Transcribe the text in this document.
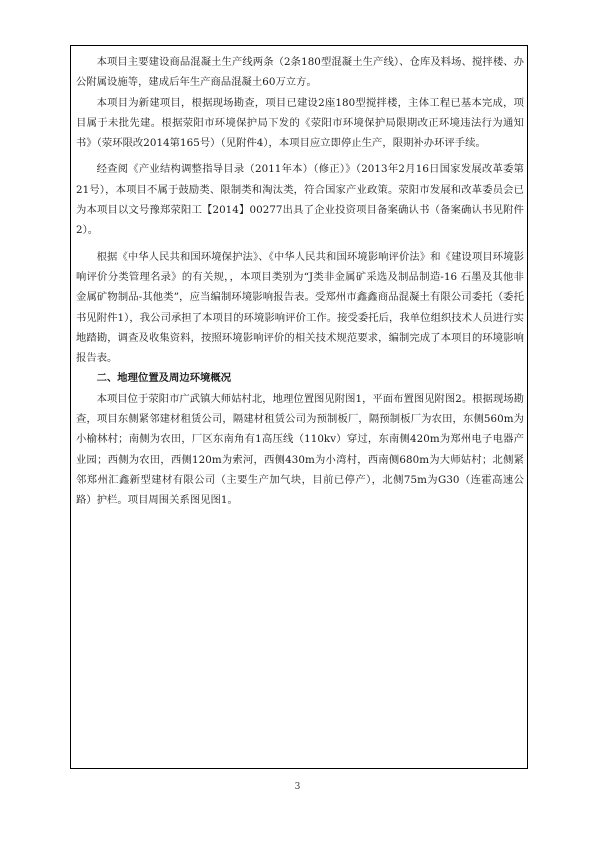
本项目主要建设商品混凝土生产线两条（2条180型混凝土生产线）、仓库及料场、搅拌楼、办公附属设施等，建成后年生产商品混凝土60万立方。

本项目为新建项目，根据现场勘查，项目已建设2座180型搅拌楼，主体工程已基本完成，项目属于未批先建。根据荥阳市环境保护局下发的《荥阳市环境保护局限期改正环境违法行为通知书》（荥环限改2014第165号）（见附件4），本项目应立即停止生产，限期补办环评手续。

经查阅《产业结构调整指导目录（2011年本）（修正）》（2013年2月16日国家发展改革委第21号），本项目不属于鼓励类、限制类和淘汰类，符合国家产业政策。荥阳市发展和改革委员会已为本项目以文号豫郑荥阳工【2014】00277出具了企业投资项目备案确认书（备案确认书见附件2）。

根据《中华人民共和国环境保护法》、《中华人民共和国环境影响评价法》和《建设项目环境影响评价分类管理名录》的有关规，，本项目类别为“J类非金属矿采选及制品制造-16 石墨及其他非金属矿物制品-其他类”，应当编制环境影响报告表。受郑州市鑫鑫商品混凝土有限公司委托（委托书见附件1），我公司承担了本项目的环境影响评价工作。接受委托后，我单位组织技术人员进行实地踏勘，调查及收集资料，按照环境影响评价的相关技术规范要求，编制完成了本项目的环境影响报告表。

二、地理位置及周边环境概况

本项目位于荥阳市广武镇大师姑村北，地理位置图见附图1，平面布置图见附图2。根据现场勘查，项目东侧紧邻建材租赁公司，隔建材租赁公司为预制板厂，隔预制板厂为农田，东侧560m为小榆林村；南侧为农田，厂区东南角有1高压线（110kv）穿过，东南侧420m为郑州电子电器产业园；西侧为农田，西侧120m为索河，西侧430m为小湾村，西南侧680m为大师姑村；北侧紧邻郑州汇鑫新型建材有限公司（主要生产加气块，目前已停产），北侧75m为G30（连霍高速公路）护栏。项目周围关系图见图1。

3
